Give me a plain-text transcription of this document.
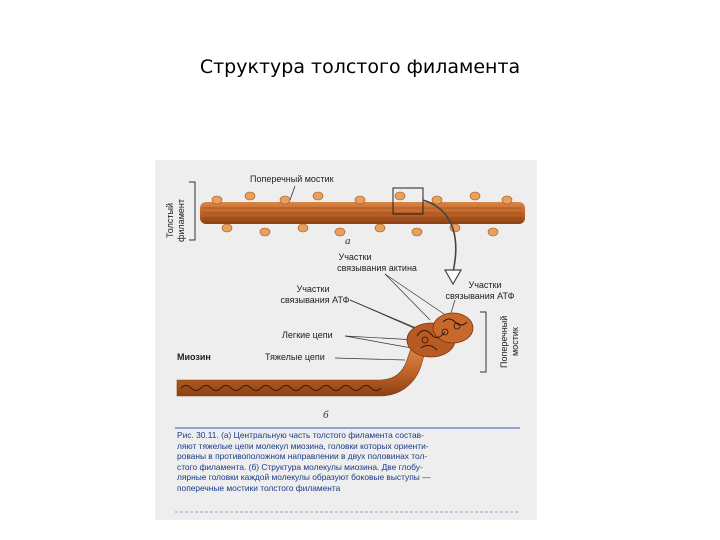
Структура толстого филамента
Толстый филамент
Поперечный мостик
а
Участки
связывания актина
Участки
связывания АТФ
Участки
связывания АТФ
Легкие цепи
Миозин	Тяжелые цепи	Поперечный мостик
б
Рис. 30.11. (а) Центральную часть толстого филамента состав-
ляют тяжелые цепи молекул миозина, головки которых ориенти-
рованы в противоположном направлении в двух половинах тол-
стого филамента. (б) Структура молекулы миозина. Две глобу-
лярные головки каждой молекулы образуют боковые выступы —
поперечные мостики толстого филамента
